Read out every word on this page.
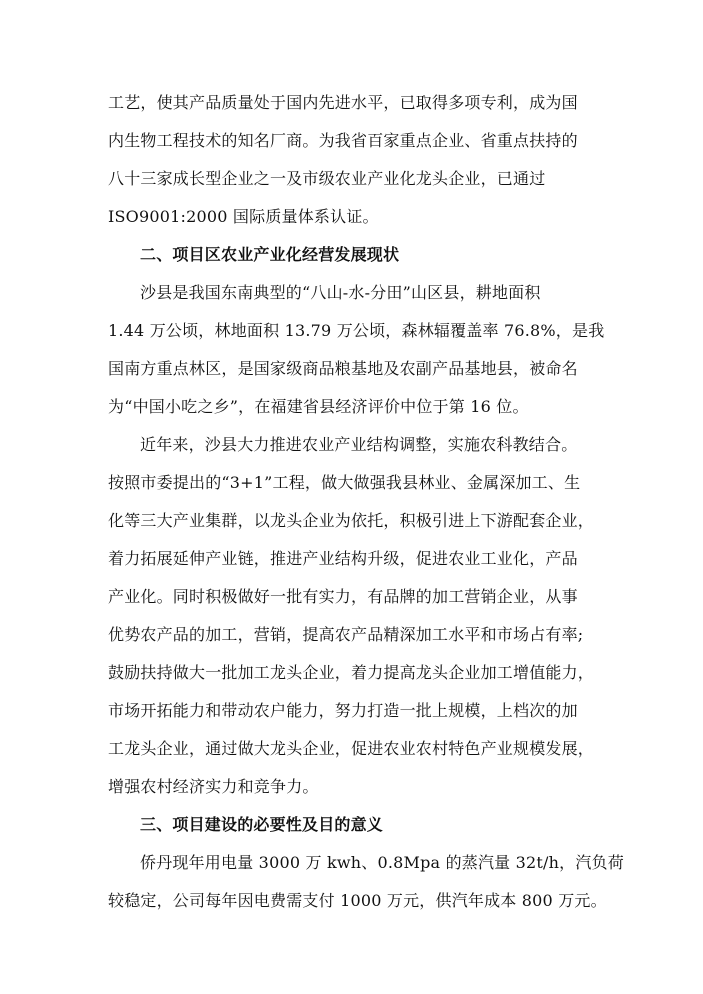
工艺，使其产品质量处于国内先进水平，已取得多项专利，成为国
内生物工程技术的知名厂商。为我省百家重点企业、省重点扶持的
八十三家成长型企业之一及市级农业产业化龙头企业，已通过
ISO9001:2000 国际质量体系认证。
二、项目区农业产业化经营发展现状
沙县是我国东南典型的“八山-水-分田”山区县，耕地面积
1.44 万公顷，林地面积 13.79 万公顷，森林辐覆盖率 76.8%，是我
国南方重点林区，是国家级商品粮基地及农副产品基地县，被命名
为“中国小吃之乡”，在福建省县经济评价中位于第 16 位。
近年来，沙县大力推进农业产业结构调整，实施农科教结合。
按照市委提出的“3+1”工程，做大做强我县林业、金属深加工、生
化等三大产业集群，以龙头企业为依托，积极引进上下游配套企业，
着力拓展延伸产业链，推进产业结构升级，促进农业工业化，产品
产业化。同时积极做好一批有实力，有品牌的加工营销企业，从事
优势农产品的加工，营销，提高农产品精深加工水平和市场占有率;
鼓励扶持做大一批加工龙头企业，着力提高龙头企业加工增值能力，
市场开拓能力和带动农户能力，努力打造一批上规模，上档次的加
工龙头企业，通过做大龙头企业，促进农业农村特色产业规模发展，
增强农村经济实力和竞争力。
三、项目建设的必要性及目的意义
侨丹现年用电量 3000 万 kwh、0.8Mpa 的蒸汽量 32t/h，汽负荷
较稳定，公司每年因电费需支付 1000 万元，供汽年成本 800 万元。
